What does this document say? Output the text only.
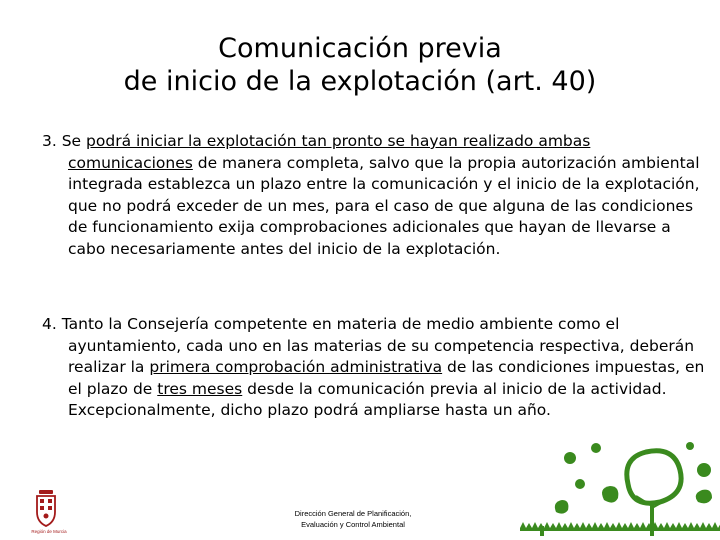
Comunicación previa
de inicio de la explotación (art. 40)
3. Se podrá iniciar la explotación tan pronto se hayan realizado ambas comunicaciones de manera completa, salvo que la propia autorización ambiental integrada establezca un plazo entre la comunicación y el inicio de la explotación, que no podrá exceder de un mes, para el caso de que alguna de las condiciones de funcionamiento exija comprobaciones adicionales que hayan de llevarse a cabo necesariamente antes del inicio de la explotación.
4. Tanto la Consejería competente en materia de medio ambiente como el ayuntamiento, cada uno en las materias de su competencia respectiva, deberán realizar la primera comprobación administrativa de las condiciones impuestas, en el plazo de tres meses desde la comunicación previa al inicio de la actividad. Excepcionalmente, dicho plazo podrá ampliarse hasta un año.
Región de Murcia
Dirección General de Planificación,
Evaluación y Control Ambiental
